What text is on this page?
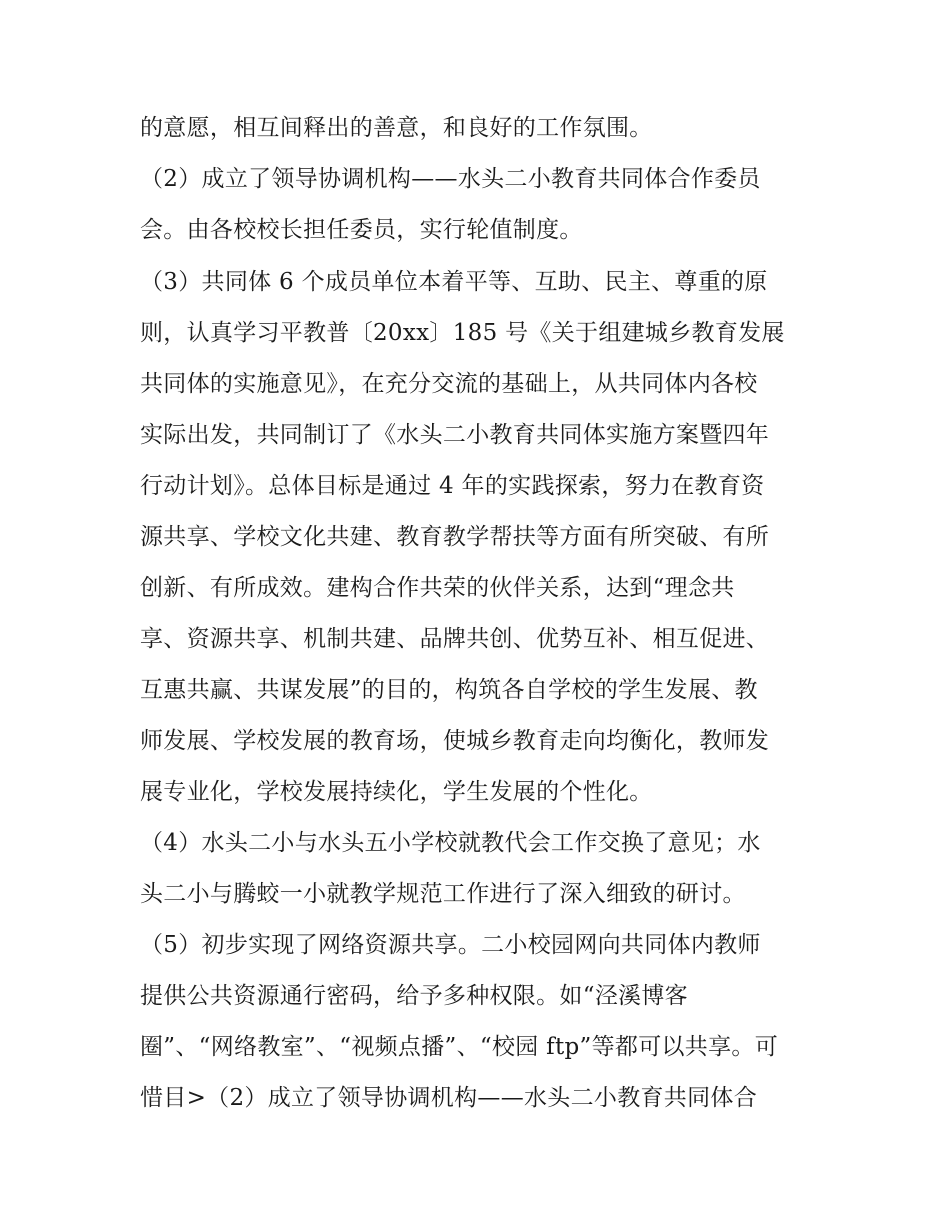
的意愿，相互间释出的善意，和良好的工作氛围。
（2）成立了领导协调机构——水头二小教育共同体合作委员
会。由各校校长担任委员，实行轮值制度。
（3）共同体 6 个成员单位本着平等、互助、民主、尊重的原
则，认真学习平教普〔20xx〕185 号《关于组建城乡教育发展
共同体的实施意见》，在充分交流的基础上，从共同体内各校
实际出发，共同制订了《水头二小教育共同体实施方案暨四年
行动计划》。总体目标是通过 4 年的实践探索，努力在教育资
源共享、学校文化共建、教育教学帮扶等方面有所突破、有所
创新、有所成效。建构合作共荣的伙伴关系，达到“理念共
享、资源共享、机制共建、品牌共创、优势互补、相互促进、
互惠共赢、共谋发展”的目的，构筑各自学校的学生发展、教
师发展、学校发展的教育场，使城乡教育走向均衡化，教师发
展专业化，学校发展持续化，学生发展的个性化。
（4）水头二小与水头五小学校就教代会工作交换了意见；水
头二小与腾蛟一小就教学规范工作进行了深入细致的研讨。
（5）初步实现了网络资源共享。二小校园网向共同体内教师
提供公共资源通行密码，给予多种权限。如“泾溪博客
圈”、“网络教室”、“视频点播”、“校园 ftp”等都可以共享。可
惜目>（2）成立了领导协调机构——水头二小教育共同体合
